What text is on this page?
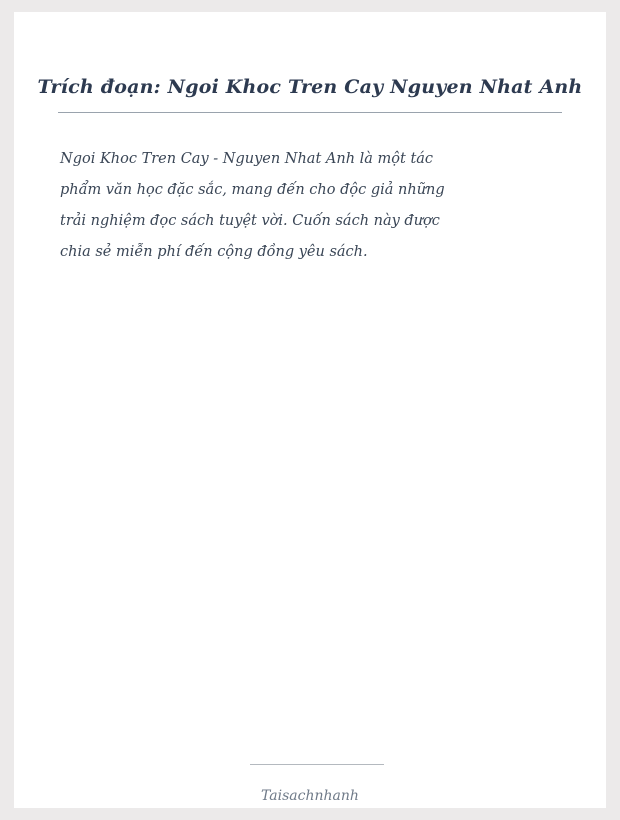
Trích đoạn: Ngoi Khoc Tren Cay Nguyen Nhat Anh
Ngoi Khoc Tren Cay - Nguyen Nhat Anh là một tác
phẩm văn học đặc sắc, mang đến cho độc giả những
trải nghiệm đọc sách tuyệt vời. Cuốn sách này được
chia sẻ miễn phí đến cộng đồng yêu sách.
Taisachnhanh
